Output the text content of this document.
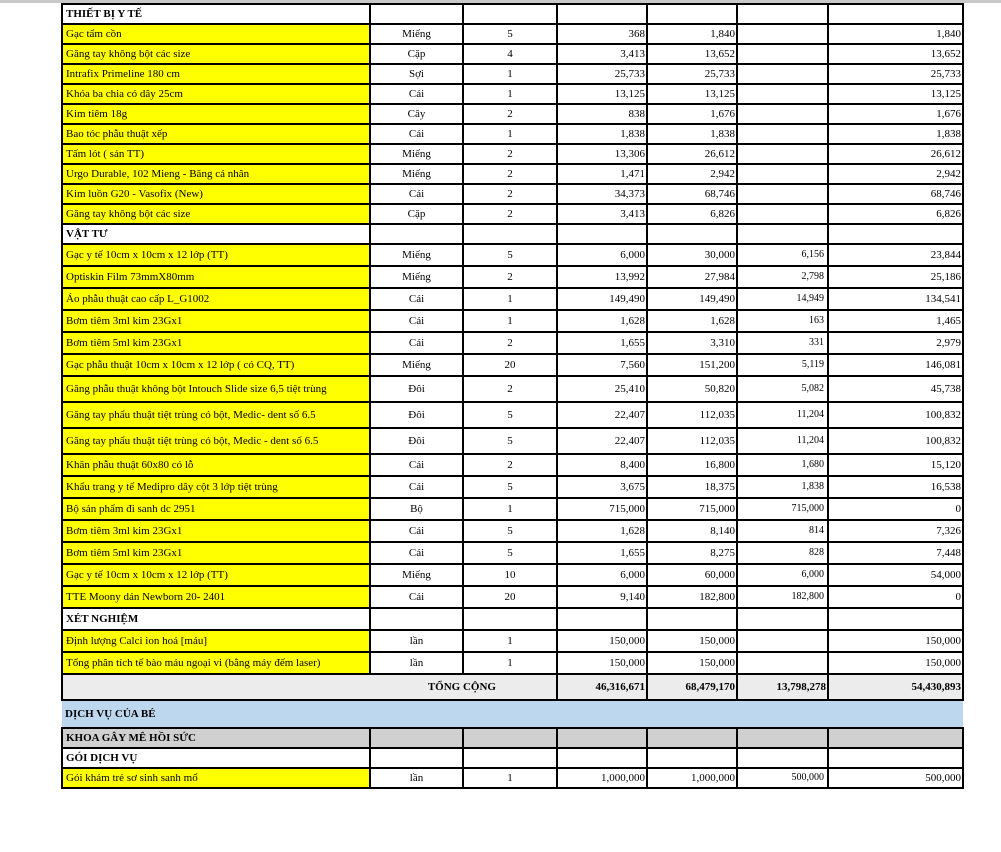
THIẾT BỊ Y TẾ						
Gạc tẩm cồn	Miếng	5	368	1,840		1,840
Găng tay không bột các size	Cặp	4	3,413	13,652		13,652
Intrafix Primeline 180 cm	Sợi	1	25,733	25,733		25,733
Khóa ba chia có dây 25cm	Cái	1	13,125	13,125		13,125
Kim tiêm 18g	Cây	2	838	1,676		1,676
Bao tóc phẫu thuật xếp	Cái	1	1,838	1,838		1,838
Tấm lót ( sản TT)	Miếng	2	13,306	26,612		26,612
Urgo Durable, 102 Mieng - Băng cá nhân	Miếng	2	1,471	2,942		2,942
Kim luồn G20 - Vasofix (New)	Cái	2	34,373	68,746		68,746
Găng tay không bột các size	Cặp	2	3,413	6,826		6,826
VẬT TƯ						
Gạc y tế 10cm x 10cm x 12 lớp (TT)	Miếng	5	6,000	30,000	6,156	23,844
Optiskin Film 73mmX80mm	Miếng	2	13,992	27,984	2,798	25,186
Áo phẫu thuật cao cấp L_G1002	Cái	1	149,490	149,490	14,949	134,541
Bơm tiêm 3ml kim 23Gx1	Cái	1	1,628	1,628	163	1,465
Bơm tiêm 5ml kim 23Gx1	Cái	2	1,655	3,310	331	2,979
Gạc phẫu thuật 10cm x 10cm x 12 lớp ( có CQ, TT)	Miếng	20	7,560	151,200	5,119	146,081
Găng phẫu thuật không bột Intouch Slide size 6,5 tiệt trùng	Đôi	2	25,410	50,820	5,082	45,738
Găng tay phẩu thuật tiệt trùng có bột, Medic- dent số 6.5	Đôi	5	22,407	112,035	11,204	100,832
Găng tay phẩu thuật tiệt trùng có bột, Medic - dent số 6.5	Đôi	5	22,407	112,035	11,204	100,832
Khăn phẫu thuật 60x80 có lỗ	Cái	2	8,400	16,800	1,680	15,120
Khẩu trang y tế Medipro dây cột 3 lớp tiệt trùng	Cái	5	3,675	18,375	1,838	16,538
Bộ sản phẩm đi sanh dc 2951	Bộ	1	715,000	715,000	715,000	0
Bơm tiêm 3ml kim 23Gx1	Cái	5	1,628	8,140	814	7,326
Bơm tiêm 5ml kim 23Gx1	Cái	5	1,655	8,275	828	7,448
Gạc y tế 10cm x 10cm x 12 lớp (TT)	Miếng	10	6,000	60,000	6,000	54,000
TTE Moony dán Newborn 20- 2401	Cái	20	9,140	182,800	182,800	0
XÉT NGHIỆM						
Định lượng Calci ion hoá [máu]	lần	1	150,000	150,000		150,000
Tổng phân tích tế bào máu ngoại vi (bằng máy đếm laser)	lần	1	150,000	150,000		150,000
TỔNG CỘNG			46,316,671	68,479,170	13,798,278	54,430,893
DỊCH VỤ CỦA BÉ						
KHOA GÂY MÊ HỒI SỨC						
GÓI DỊCH VỤ						
Gói khám trẻ sơ sinh sanh mổ	lần	1	1,000,000	1,000,000	500,000	500,000
